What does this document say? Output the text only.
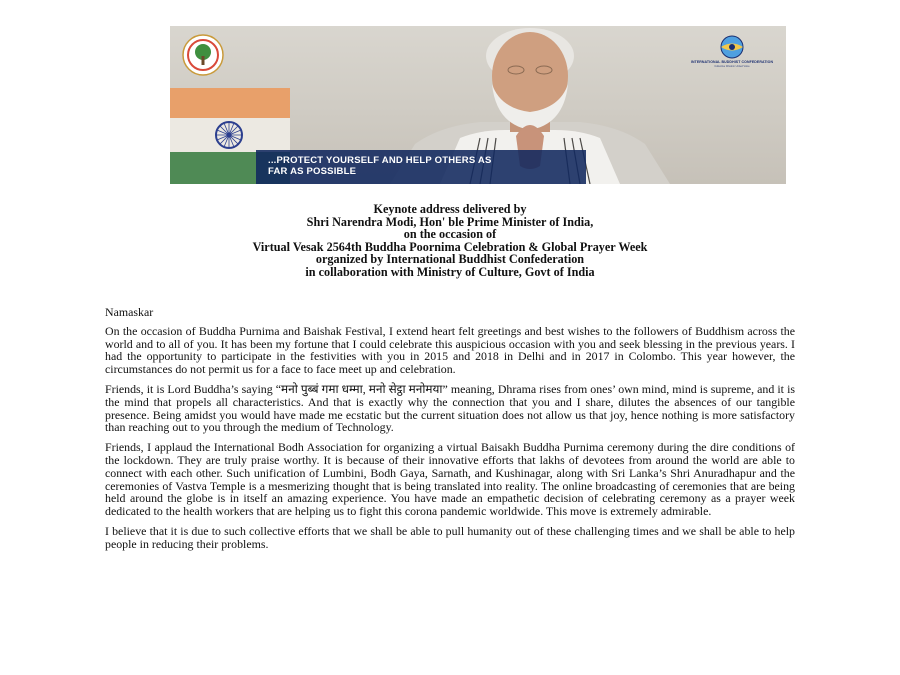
INTERNATIONAL BUDDHIST CONFEDERATION
Collective Wisdom United Voice
...PROTECT YOURSELF AND HELP OTHERS AS
FAR AS POSSIBLE
Keynote address delivered by
Shri Narendra Modi, Hon' ble Prime Minister of India,
on the occasion of
Virtual Vesak 2564th Buddha Poornima Celebration & Global Prayer Week
organized by International Buddhist Confederation
in collaboration with Ministry of Culture, Govt of India

Namaskar

On the occasion of Buddha Purnima and Baishak Festival, I extend heart felt greetings and best wishes to the followers of Buddhism across the world and to all of you. It has been my fortune that I could celebrate this auspicious occasion with you and seek blessing in the previous years. I had the opportunity to participate in the festivities with you in 2015 and 2018 in Delhi and in 2017 in Colombo. This year however, the circumstances do not permit us for a face to face meet up and celebration.

Friends, it is Lord Buddha’s saying “मनो पुब्बं गमा धम्मा, मनो सेट्ठा मनोमया” meaning, Dhrama rises from ones’ own mind, mind is supreme, and it is the mind that propels all characteristics. And that is exactly why the connection that you and I share, dilutes the absences of our tangible presence. Being amidst you would have made me ecstatic but the current situation does not allow us that joy, hence nothing is more satisfactory than reaching out to you through the medium of Technology.

Friends, I applaud the International Bodh Association for organizing a virtual Baisakh Buddha Purnima ceremony during the dire conditions of the lockdown. They are truly praise worthy. It is because of their innovative efforts that lakhs of devotees from around the world are able to connect with each other. Such unification of Lumbini, Bodh Gaya, Sarnath, and Kushinagar, along with Sri Lanka’s Shri Anuradhapur and the ceremonies of Vastva Temple is a mesmerizing thought that is being translated into reality. The online broadcasting of ceremonies that are being held around the globe is in itself an amazing experience. You have made an empathetic decision of celebrating ceremony as a prayer week dedicated to the health workers that are helping us to fight this corona pandemic worldwide. This move is extremely admirable.

I believe that it is due to such collective efforts that we shall be able to pull humanity out of these challenging times and we shall be able to help people in reducing their problems.
